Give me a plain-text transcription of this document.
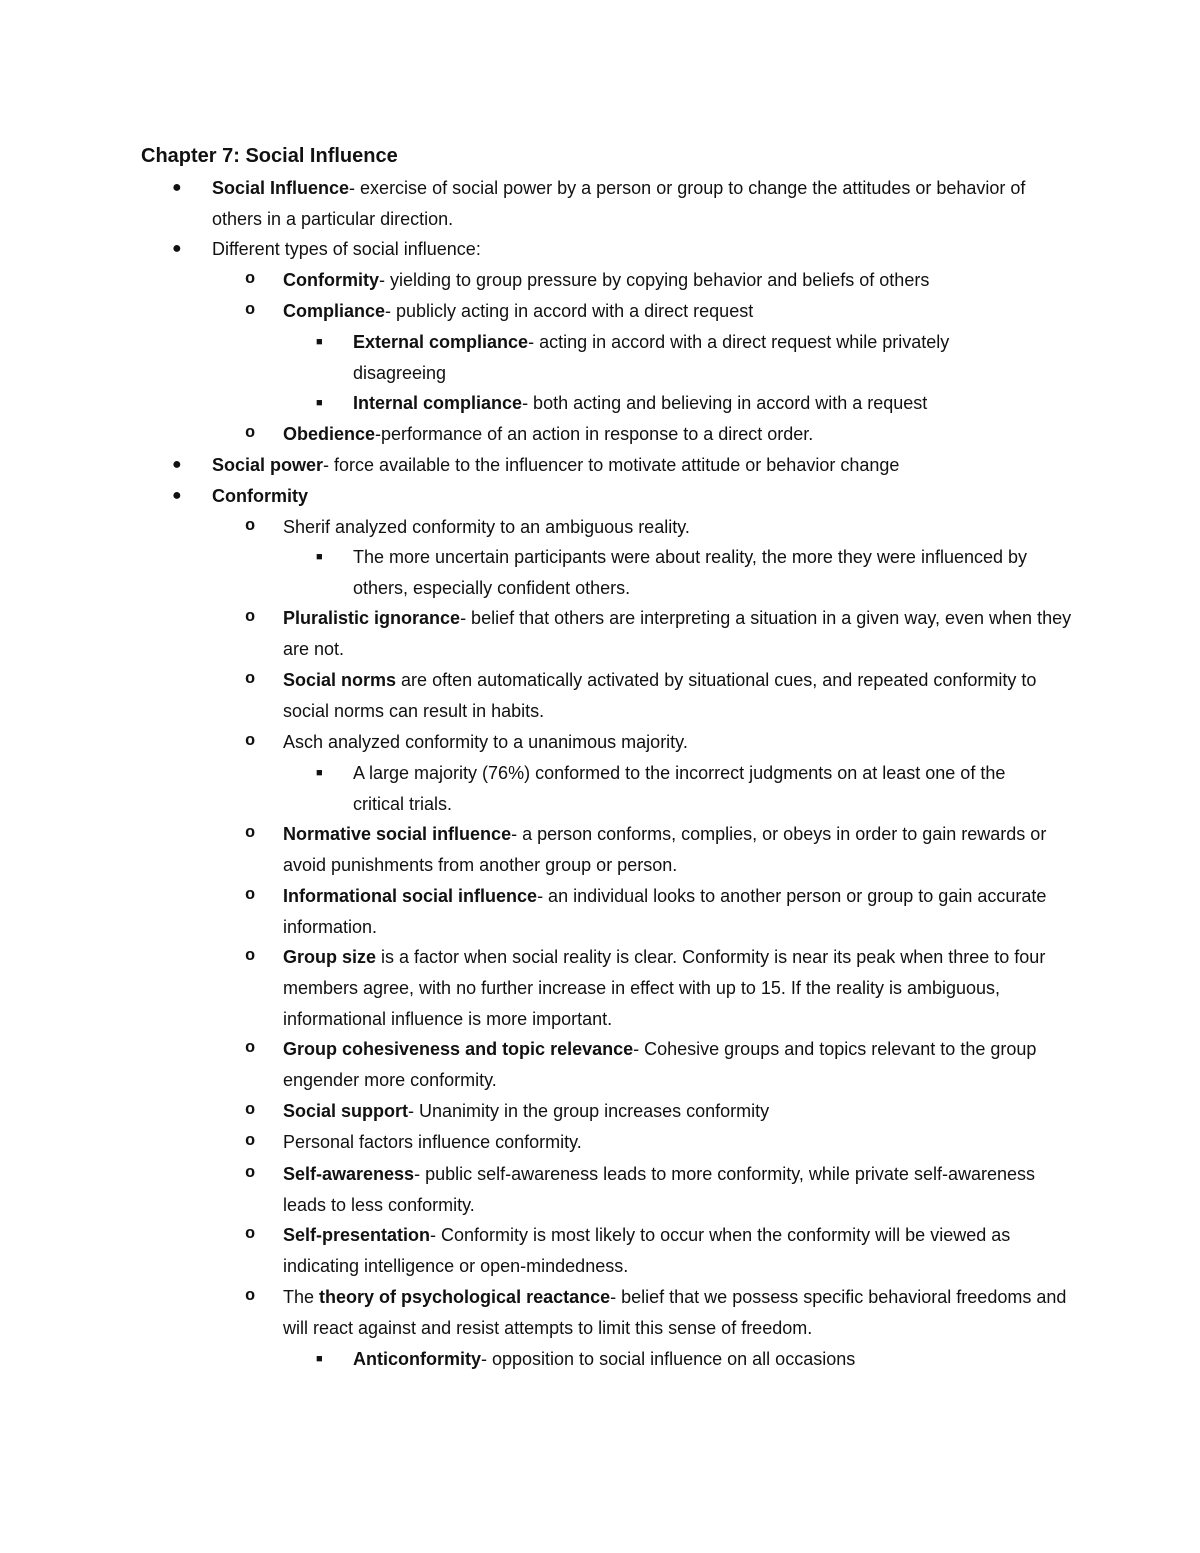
Chapter 7: Social Influence
● Social Influence- exercise of social power by a person or group to change the attitudes or behavior of others in a particular direction.
● Different types of social influence:
o Conformity- yielding to group pressure by copying behavior and beliefs of others
o Compliance- publicly acting in accord with a direct request
■ External compliance- acting in accord with a direct request while privately disagreeing
■ Internal compliance- both acting and believing in accord with a request
o Obedience-performance of an action in response to a direct order.
● Social power- force available to the influencer to motivate attitude or behavior change
● Conformity
o Sherif analyzed conformity to an ambiguous reality.
■ The more uncertain participants were about reality, the more they were influenced by others, especially confident others.
o Pluralistic ignorance- belief that others are interpreting a situation in a given way, even when they are not.
o Social norms are often automatically activated by situational cues, and repeated conformity to social norms can result in habits.
o Asch analyzed conformity to a unanimous majority.
■ A large majority (76%) conformed to the incorrect judgments on at least one of the critical trials.
o Normative social influence- a person conforms, complies, or obeys in order to gain rewards or avoid punishments from another group or person.
o Informational social influence- an individual looks to another person or group to gain accurate information.
o Group size is a factor when social reality is clear. Conformity is near its peak when three to four members agree, with no further increase in effect with up to 15. If the reality is ambiguous, informational influence is more important.
o Group cohesiveness and topic relevance- Cohesive groups and topics relevant to the group engender more conformity.
o Social support- Unanimity in the group increases conformity
o Personal factors influence conformity.
o Self-awareness- public self-awareness leads to more conformity, while private self-awareness leads to less conformity.
o Self-presentation- Conformity is most likely to occur when the conformity will be viewed as indicating intelligence or open-mindedness.
o The theory of psychological reactance- belief that we possess specific behavioral freedoms and will react against and resist attempts to limit this sense of freedom.
■ Anticonformity- opposition to social influence on all occasions
